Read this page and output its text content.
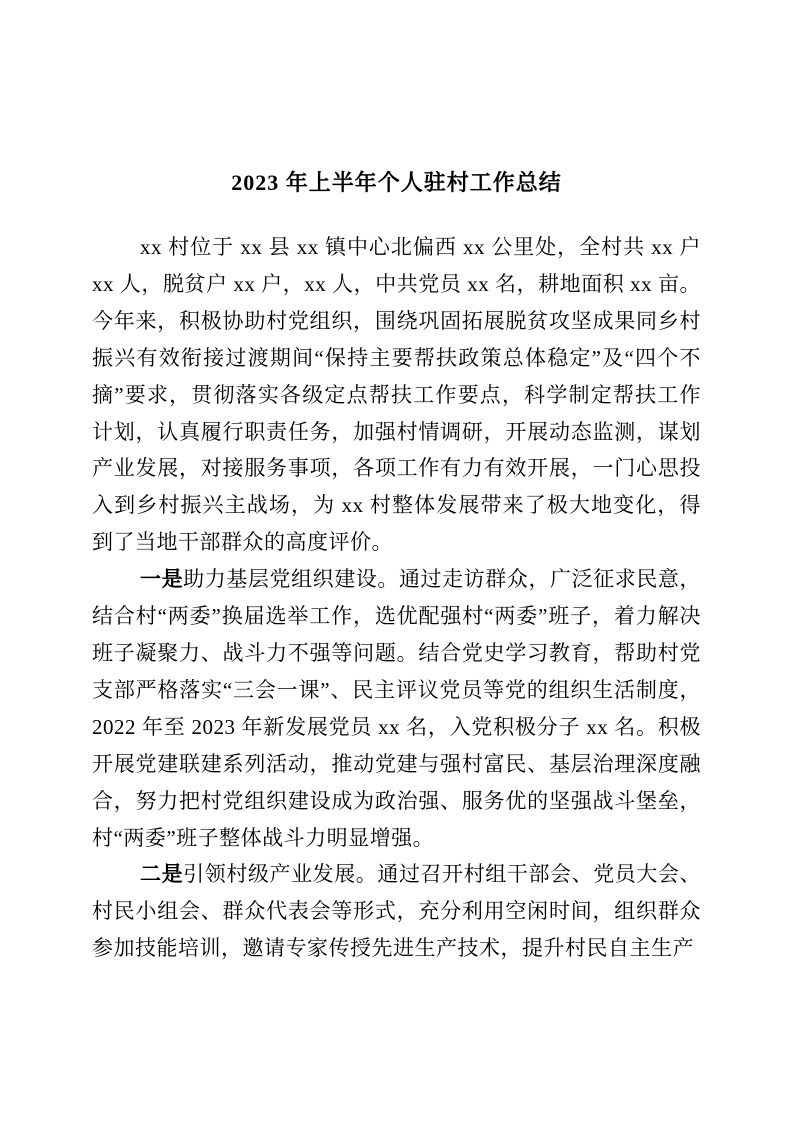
2023 年上半年个人驻村工作总结

xx 村位于 xx 县 xx 镇中心北偏西 xx 公里处，全村共 xx 户 xx 人，脱贫户 xx 户，xx 人，中共党员 xx 名，耕地面积 xx 亩。今年来，积极协助村党组织，围绕巩固拓展脱贫攻坚成果同乡村振兴有效衔接过渡期间“保持主要帮扶政策总体稳定”及“四个不摘”要求，贯彻落实各级定点帮扶工作要点，科学制定帮扶工作计划，认真履行职责任务，加强村情调研，开展动态监测，谋划产业发展，对接服务事项，各项工作有力有效开展，一门心思投入到乡村振兴主战场，为 xx 村整体发展带来了极大地变化，得到了当地干部群众的高度评价。

一是助力基层党组织建设。通过走访群众，广泛征求民意，结合村“两委”换届选举工作，选优配强村“两委”班子，着力解决班子凝聚力、战斗力不强等问题。结合党史学习教育，帮助村党支部严格落实“三会一课”、民主评议党员等党的组织生活制度，2022 年至 2023 年新发展党员 xx 名，入党积极分子 xx 名。积极开展党建联建系列活动，推动党建与强村富民、基层治理深度融合，努力把村党组织建设成为政治强、服务优的坚强战斗堡垒，村“两委”班子整体战斗力明显增强。

二是引领村级产业发展。通过召开村组干部会、党员大会、村民小组会、群众代表会等形式，充分利用空闲时间，组织群众参加技能培训，邀请专家传授先进生产技术，提升村民自主生产
